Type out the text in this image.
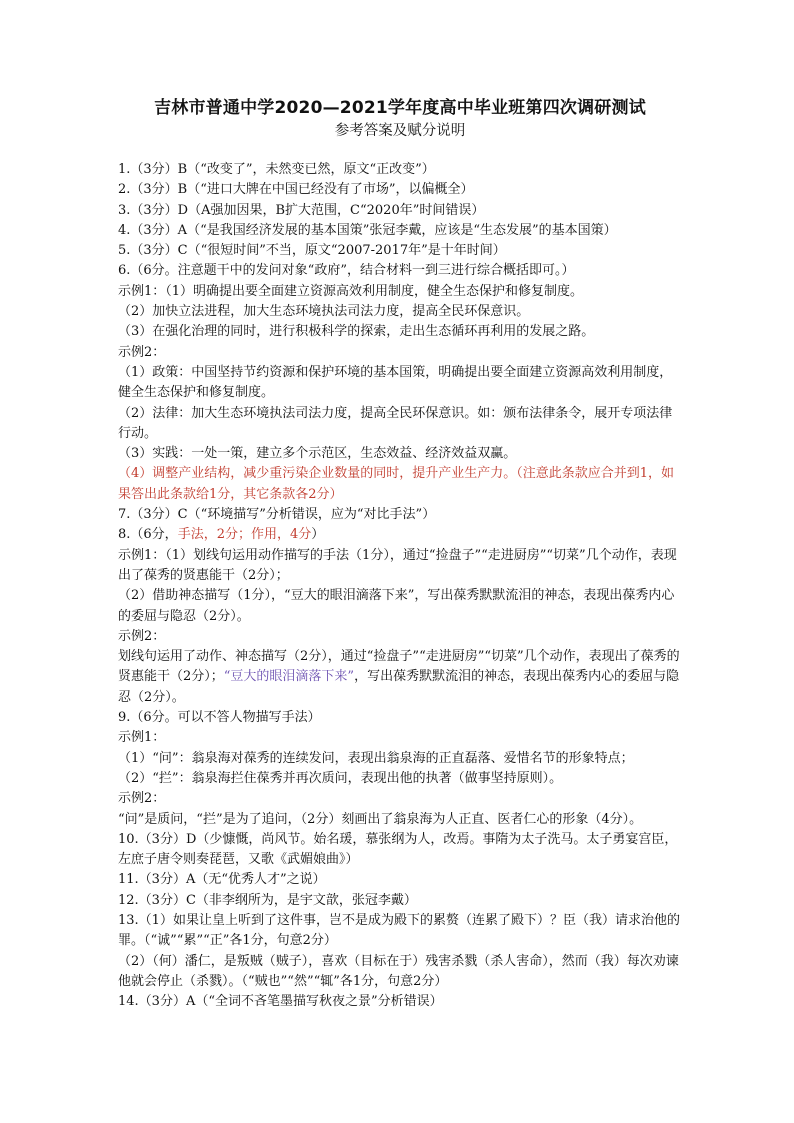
吉林市普通中学2020—2021学年度高中毕业班第四次调研测试
参考答案及赋分说明
1.（3分）B（“改变了”，未然变已然，原文“正改变”）
2.（3分）B（“进口大牌在中国已经没有了市场”，以偏概全）
3.（3分）D（A强加因果，B扩大范围，C“2020年”时间错误）
4.（3分）A（“是我国经济发展的基本国策”张冠李戴，应该是“生态发展”的基本国策）
5.（3分）C（“很短时间”不当，原文“2007-2017年”是十年时间）
6.（6分。注意题干中的发问对象“政府”，结合材料一到三进行综合概括即可。）
示例1：（1）明确提出要全面建立资源高效利用制度，健全生态保护和修复制度。
（2）加快立法进程，加大生态环境执法司法力度，提高全民环保意识。
（3）在强化治理的同时，进行积极科学的探索，走出生态循环再利用的发展之路。
示例2：
（1）政策：中国坚持节约资源和保护环境的基本国策，明确提出要全面建立资源高效利用制度，健全生态保护和修复制度。
（2）法律：加大生态环境执法司法力度，提高全民环保意识。如：颁布法律条令，展开专项法律行动。
（3）实践：一处一策，建立多个示范区，生态效益、经济效益双赢。
（4）调整产业结构，减少重污染企业数量的同时，提升产业生产力。（注意此条款应合并到1，如果答出此条款给1分，其它条款各2分）
7.（3分）C（“环境描写”分析错误，应为“对比手法”）
8.（6分，手法，2分；作用，4分）
示例1：（1）划线句运用动作描写的手法（1分），通过“捡盘子”“走进厨房”“切菜”几个动作，表现出了葆秀的贤惠能干（2分）；
（2）借助神态描写（1分），“豆大的眼泪滴落下来”，写出葆秀默默流泪的神态，表现出葆秀内心的委屈与隐忍（2分）。
示例2：
划线句运用了动作、神态描写（2分），通过“捡盘子”“走进厨房”“切菜”几个动作，表现出了葆秀的贤惠能干（2分）；“豆大的眼泪滴落下来”，写出葆秀默默流泪的神态，表现出葆秀内心的委屈与隐忍（2分）。
9.（6分。可以不答人物描写手法）
示例1：
（1）“问”：翁泉海对葆秀的连续发问，表现出翁泉海的正直磊落、爱惜名节的形象特点；
（2）“拦”：翁泉海拦住葆秀并再次质问，表现出他的执著（做事坚持原则）。
示例2：
“问”是质问，“拦”是为了追问，（2分）刻画出了翁泉海为人正直、医者仁心的形象（4分）。
10.（3分）D（少慷慨，尚风节。始名瑗，慕张纲为人，改焉。事隋为太子洗马。太子勇宴宫臣，左庶子唐令则奏琵琶，又歌《武媚娘曲》）
11.（3分）A（无“优秀人才”之说）
12.（3分）C（非李纲所为，是宇文歆，张冠李戴）
13.（1）如果让皇上听到了这件事，岂不是成为殿下的累赘（连累了殿下）？臣（我）请求治他的罪。（“诚”“累”“正”各1分，句意2分）
（2）（何）潘仁，是叛贼（贼子），喜欢（目标在于）残害杀戮（杀人害命），然而（我）每次劝谏他就会停止（杀戮）。（“贼也”“然”“辄”各1分，句意2分）
14.（3分）A（“全词不吝笔墨描写秋夜之景”分析错误）
